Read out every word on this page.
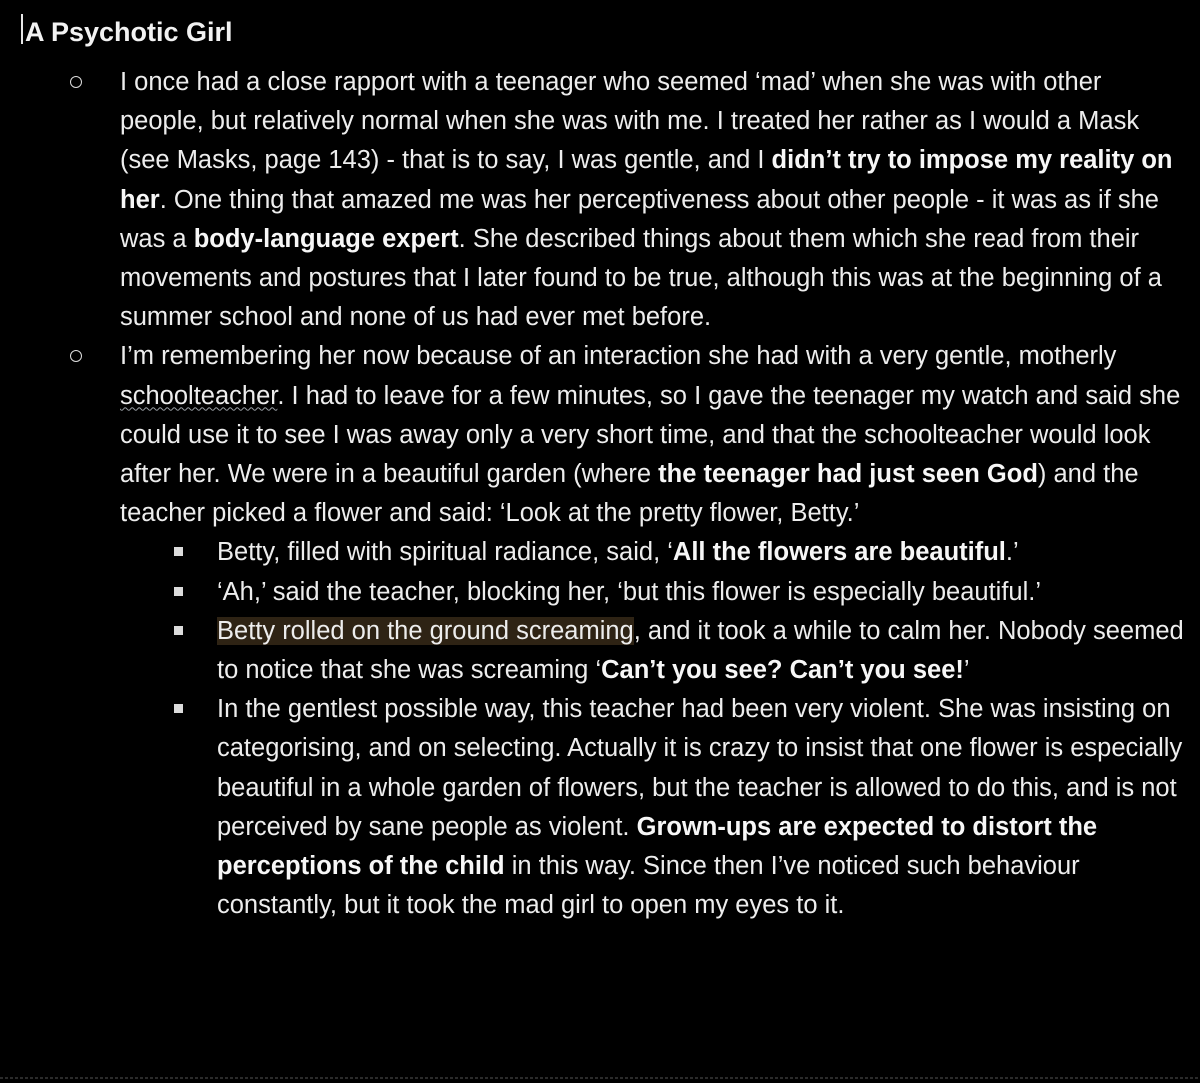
A Psychotic Girl

I once had a close rapport with a teenager who seemed ‘mad’ when she was with other people, but relatively normal when she was with me. I treated her rather as I would a Mask (see Masks, page 143) - that is to say, I was gentle, and I didn’t try to impose my reality on her. One thing that amazed me was her perceptiveness about other people - it was as if she was a body-language expert. She described things about them which she read from their movements and postures that I later found to be true, although this was at the beginning of a summer school and none of us had ever met before.

I’m remembering her now because of an interaction she had with a very gentle, motherly schoolteacher. I had to leave for a few minutes, so I gave the teenager my watch and said she could use it to see I was away only a very short time, and that the schoolteacher would look after her. We were in a beautiful garden (where the teenager had just seen God) and the teacher picked a flower and said: ‘Look at the pretty flower, Betty.’

Betty, filled with spiritual radiance, said, ‘All the flowers are beautiful.’

‘Ah,’ said the teacher, blocking her, ‘but this flower is especially beautiful.’

Betty rolled on the ground screaming, and it took a while to calm her. Nobody seemed to notice that she was screaming ‘Can’t you see? Can’t you see!’

In the gentlest possible way, this teacher had been very violent. She was insisting on categorising, and on selecting. Actually it is crazy to insist that one flower is especially beautiful in a whole garden of flowers, but the teacher is allowed to do this, and is not perceived by sane people as violent. Grown-ups are expected to distort the perceptions of the child in this way. Since then I’ve noticed such behaviour constantly, but it took the mad girl to open my eyes to it.
